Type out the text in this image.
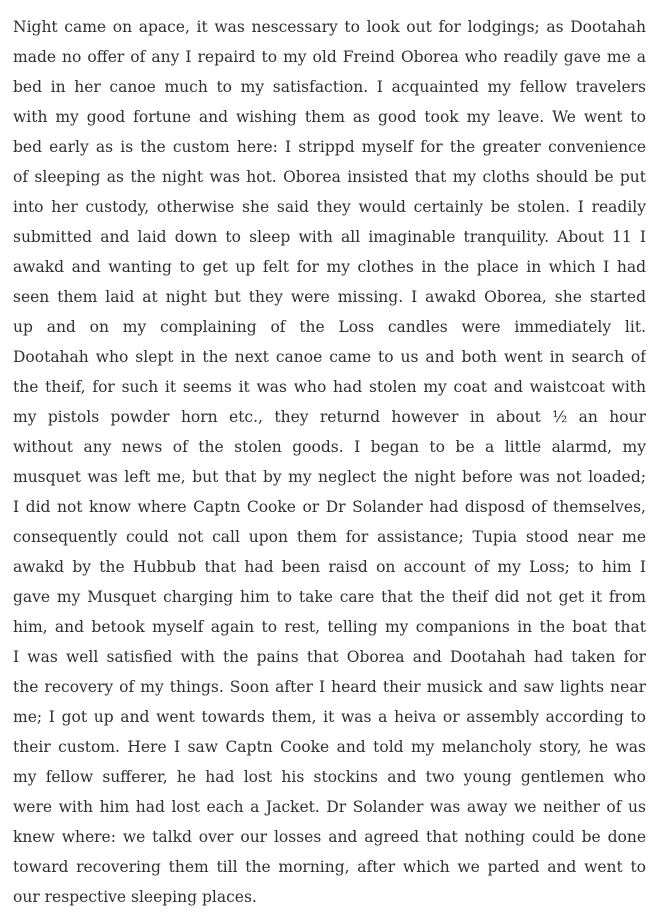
Night came on apace, it was nescessary to look out for lodgings; as Dootahah
made no offer of any I repaird to my old Freind Oborea who readily gave me a
bed in her canoe much to my satisfaction. I acquainted my fellow travelers
with my good fortune and wishing them as good took my leave. We went to
bed early as is the custom here: I strippd myself for the greater convenience
of sleeping as the night was hot. Oborea insisted that my cloths should be put
into her custody, otherwise she said they would certainly be stolen. I readily
submitted and laid down to sleep with all imaginable tranquility. About 11 I
awakd and wanting to get up felt for my clothes in the place in which I had
seen them laid at night but they were missing. I awakd Oborea, she started
up and on my complaining of the Loss candles were immediately lit.
Dootahah who slept in the next canoe came to us and both went in search of
the theif, for such it seems it was who had stolen my coat and waistcoat with
my pistols powder horn etc., they returnd however in about ½ an hour
without any news of the stolen goods. I began to be a little alarmd, my
musquet was left me, but that by my neglect the night before was not loaded;
I did not know where Captn Cooke or Dr Solander had disposd of themselves,
consequently could not call upon them for assistance; Tupia stood near me
awakd by the Hubbub that had been raisd on account of my Loss; to him I
gave my Musquet charging him to take care that the theif did not get it from
him, and betook myself again to rest, telling my companions in the boat that
I was well satisfied with the pains that Oborea and Dootahah had taken for
the recovery of my things. Soon after I heard their musick and saw lights near
me; I got up and went towards them, it was a heiva or assembly according to
their custom. Here I saw Captn Cooke and told my melancholy story, he was
my fellow sufferer, he had lost his stockins and two young gentlemen who
were with him had lost each a Jacket. Dr Solander was away we neither of us
knew where: we talkd over our losses and agreed that nothing could be done
toward recovering them till the morning, after which we parted and went to
our respective sleeping places.
